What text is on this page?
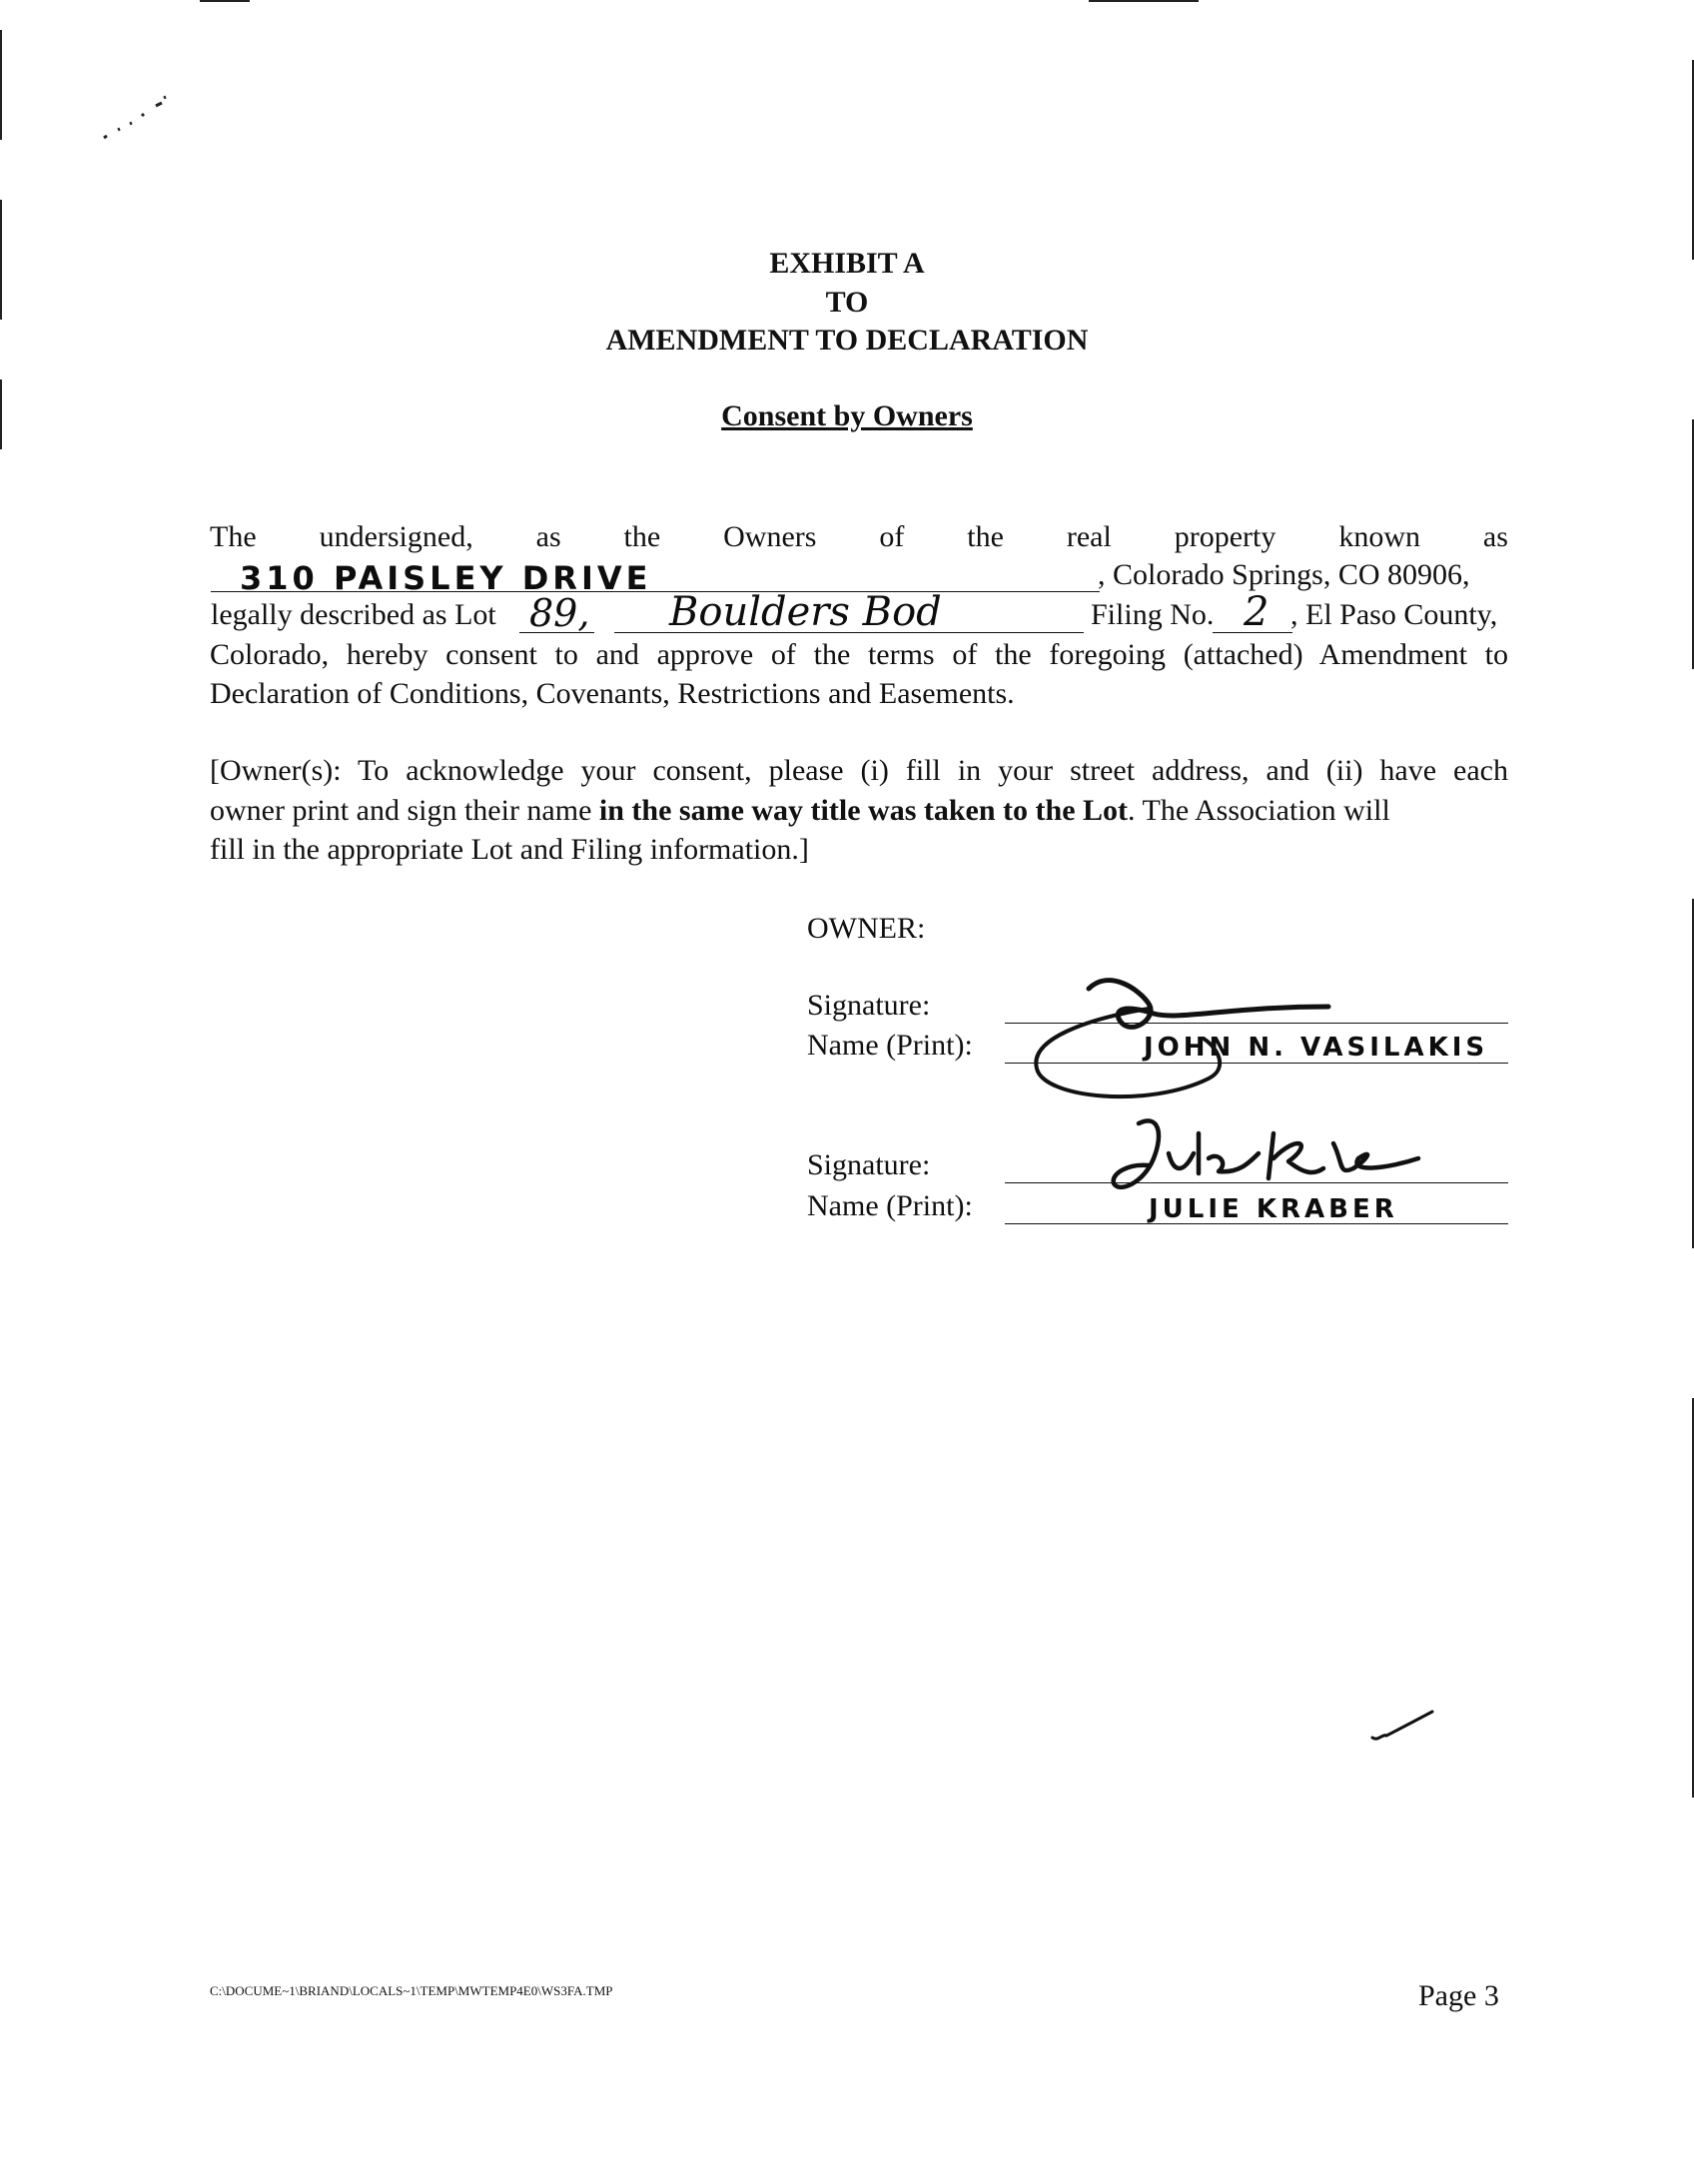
EXHIBIT A
TO
AMENDMENT TO DECLARATION
Consent by Owners
The undersigned, as the Owners of the real property known as
310 PAISLEY DRIVE	, Colorado Springs, CO 80906,
legally described as Lot 89, Boulders Bod	Filing No. 2 , El Paso County,
Colorado, hereby consent to and approve of the terms of the foregoing (attached) Amendment to
Declaration of Conditions, Covenants, Restrictions and Easements.
[Owner(s): To acknowledge your consent, please (i) fill in your street address, and (ii) have each
owner print and sign their name in the same way title was taken to the Lot. The Association will
fill in the appropriate Lot and Filing information.]
OWNER:
Signature:
Name (Print):	JOHN N. VASILAKIS
Signature:
Name (Print):	JULIE KRABER
C:\DOCUME~1\BRIAND\LOCALS~1\TEMP\MWTEMP4E0\WS3FA.TMP	Page 3
